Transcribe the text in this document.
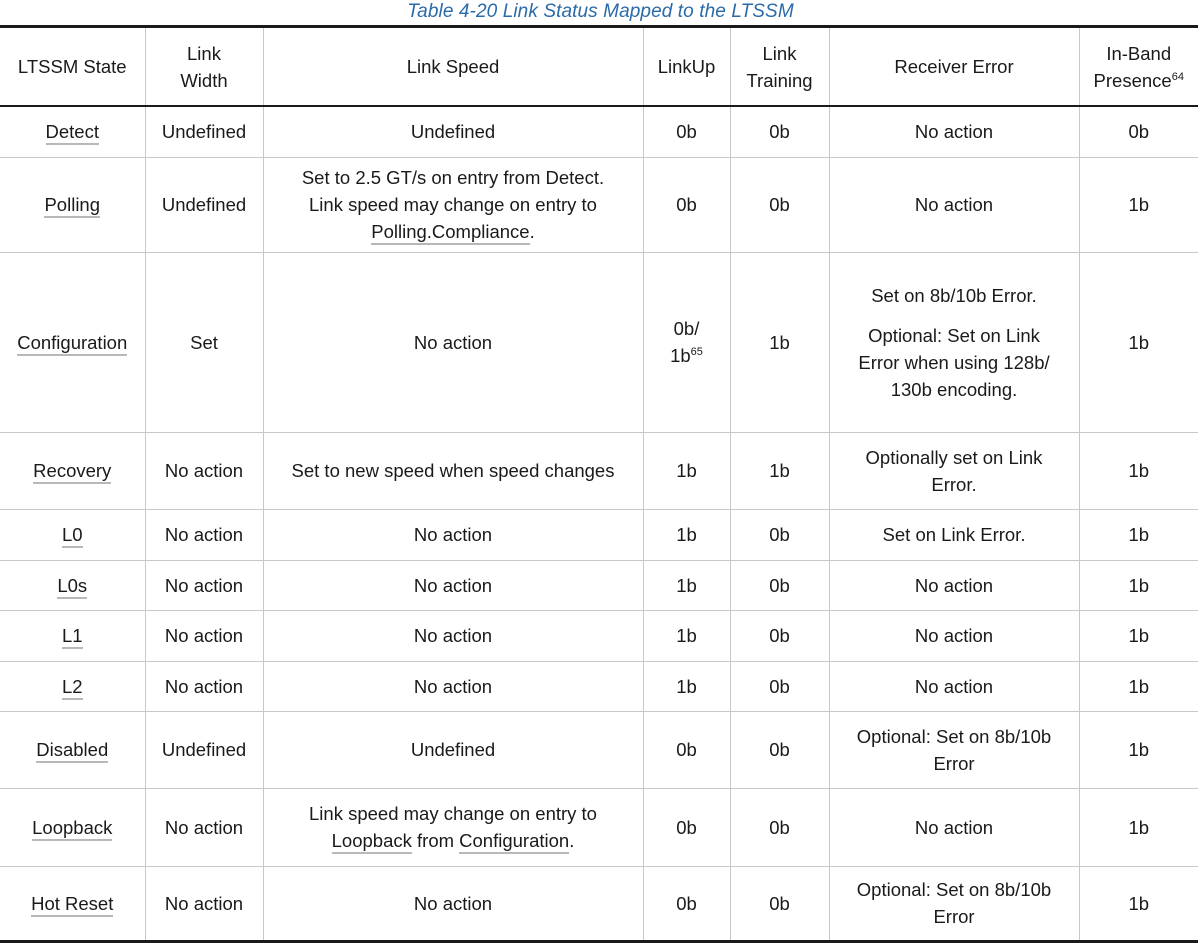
Table 4-20 Link Status Mapped to the LTSSM
LTSSM State	Link
Width	Link Speed	LinkUp	Link
Training	Receiver Error	In-Band
Presence$^{64}$
Detect	Undefined	Undefined	0b	0b	No action	0b
Polling	Undefined	Set to 2.5 GT/s on entry from Detect.
Link speed may change on entry to
Polling.Compliance.	0b	0b	No action	1b
Configuration	Set	No action	0b/
$1b^{65}$	1b	Set on 8b/10b Error.
Optional: Set on Link
Error when using 128b/
130b encoding.	1b
Recovery	No action	Set to new speed when speed changes	1b	1b	Optionally set on Link
Error.	1b
L0	No action	No action	1b	0b	Set on Link Error.	1b
L0s	No action	No action	1b	0b	No action	1b
L1	No action	No action	1b	0b	No action	1b
L2	No action	No action	1b	0b	No action	1b
Disabled	Undefined	Undefined	0b	0b	Optional: Set on 8b/10b
Error	1b
Loopback	No action	Link speed may change on entry to
Loopback from Configuration.	0b	0b	No action	1b
Hot Reset	No action	No action	0b	0b	Optional: Set on 8b/10b
Error	1b
